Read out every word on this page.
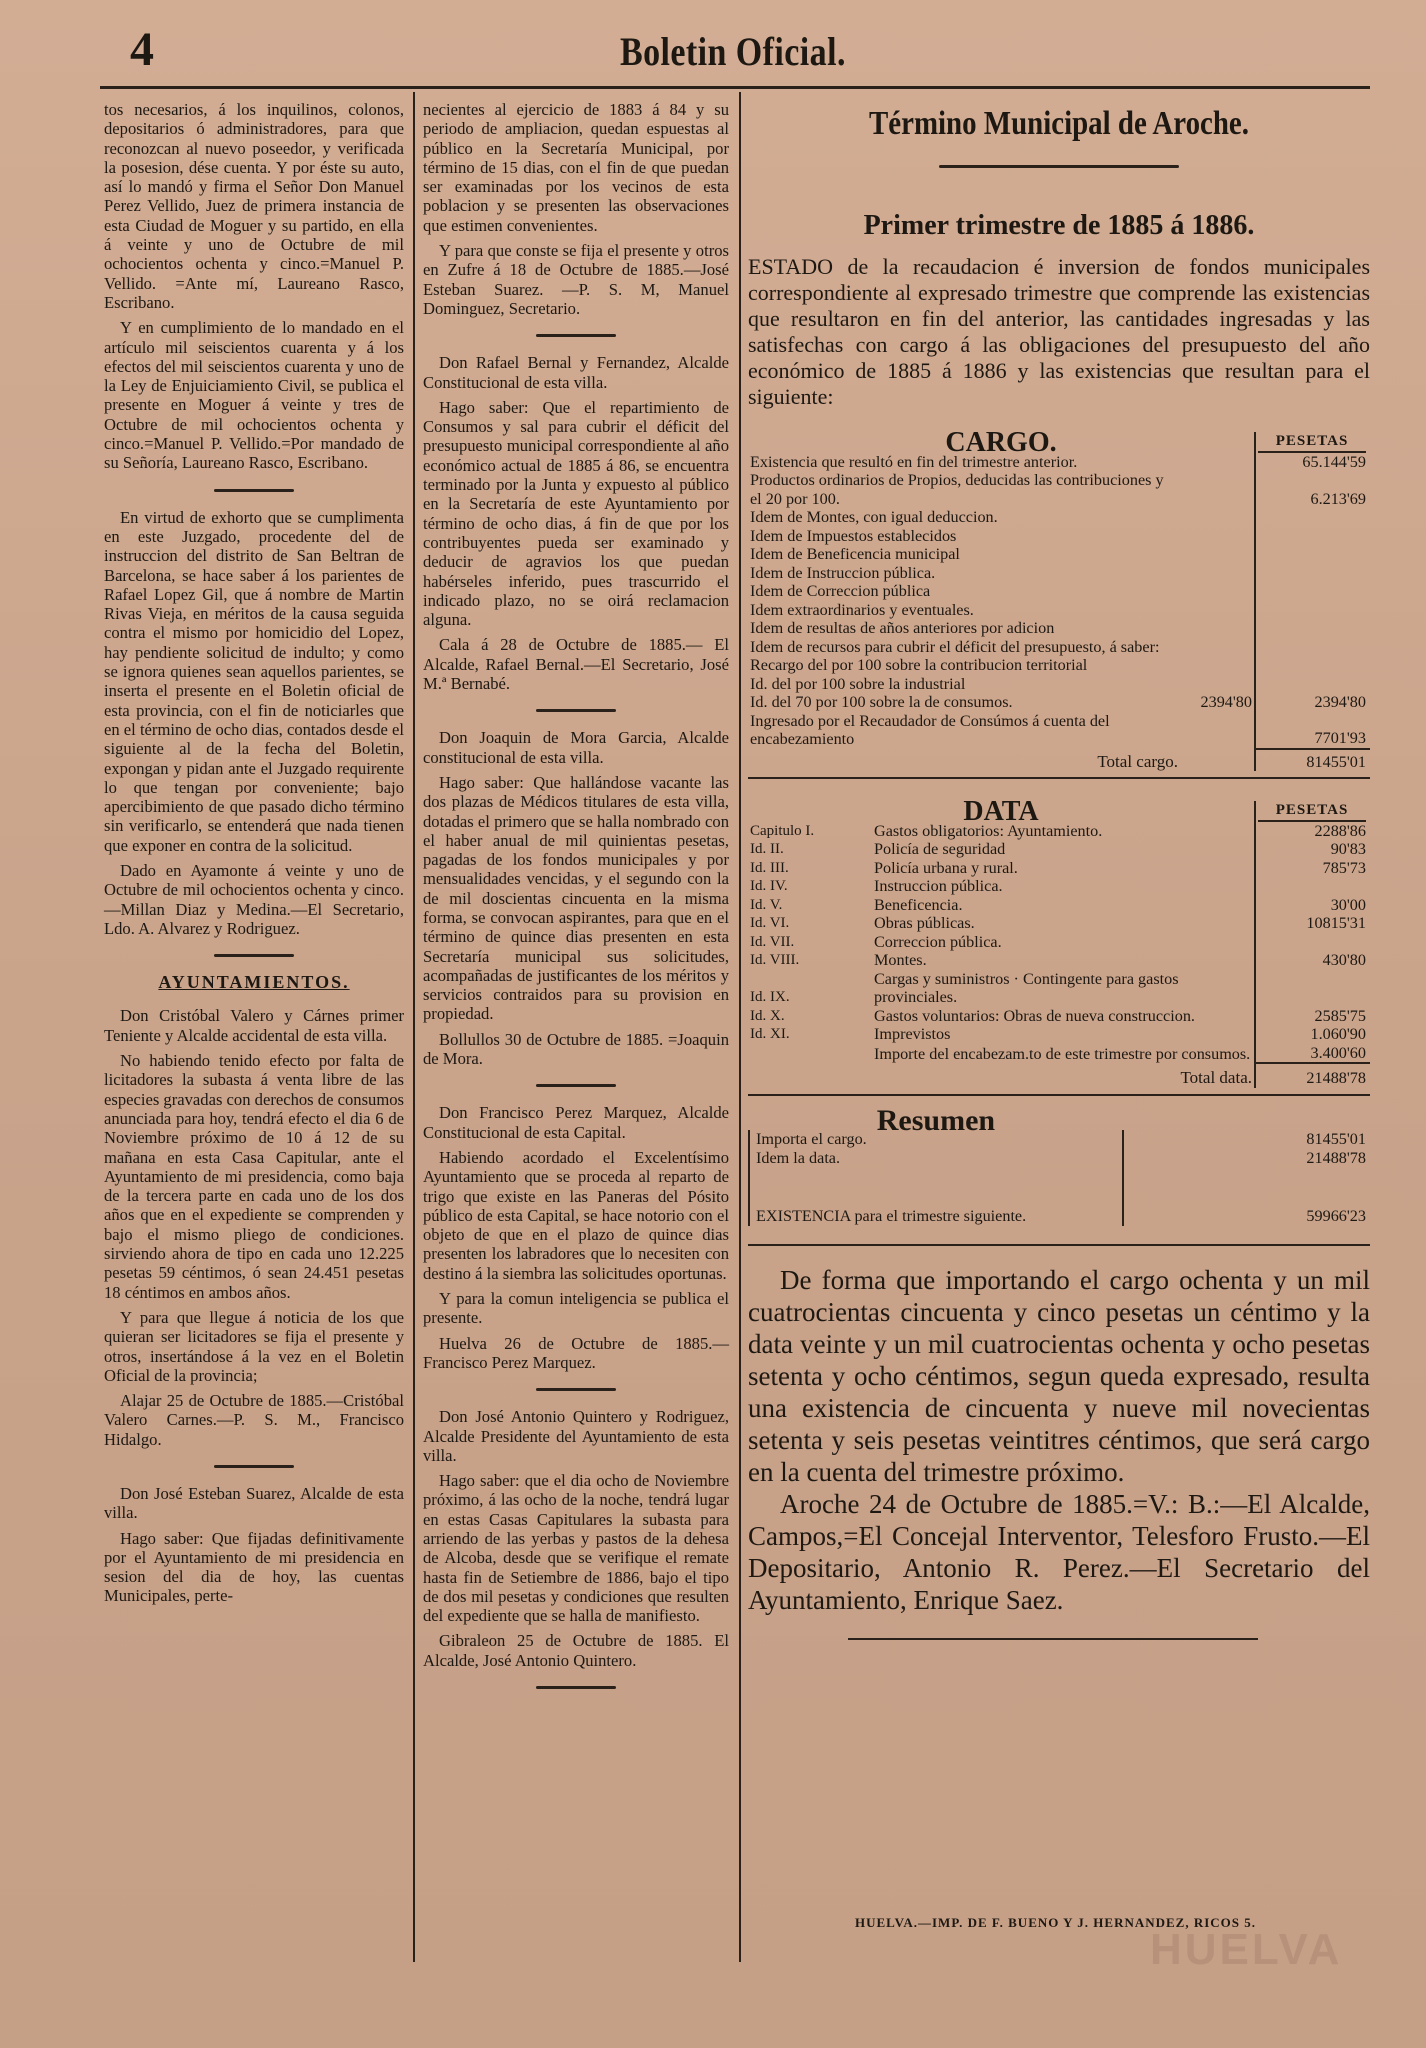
4	Boletin Oficial.

tos necesarios, á los inquilinos, colonos, depositarios ó administradores, para que reconozcan al nuevo poseedor, y verificada la posesion, dése cuenta. Y por éste su auto, así lo mandó y firma el Señor Don Manuel Perez Vellido, Juez de primera instancia de esta Ciudad de Moguer y su partido, en ella á veinte y uno de Octubre de mil ochocientos ochenta y cinco.=Manuel P. Vellido. =Ante mí, Laureano Rasco, Escribano.

Y en cumplimiento de lo mandado en el artículo mil seiscientos cuarenta y á los efectos del mil seiscientos cuarenta y uno de la Ley de Enjuiciamiento Civil, se publica el presente en Moguer á veinte y tres de Octubre de mil ochocientos ochenta y cinco.=Manuel P. Vellido.=Por mandado de su Señoría, Laureano Rasco, Escribano.

En virtud de exhorto que se cumplimenta en este Juzgado, procedente del de instruccion del distrito de San Beltran de Barcelona, se hace saber á los parientes de Rafael Lopez Gil, que á nombre de Martin Rivas Vieja, en méritos de la causa seguida contra el mismo por homicidio del Lopez, hay pendiente solicitud de indulto; y como se ignora quienes sean aquellos parientes, se inserta el presente en el Boletin oficial de esta provincia, con el fin de noticiarles que en el término de ocho dias, contados desde el siguiente al de la fecha del Boletin, expongan y pidan ante el Juzgado requirente lo que tengan por conveniente; bajo apercibimiento de que pasado dicho término sin verificarlo, se entenderá que nada tienen que exponer en contra de la solicitud.

Dado en Ayamonte á veinte y uno de Octubre de mil ochocientos ochenta y cinco.—Millan Diaz y Medina.—El Secretario, Ldo. A. Alvarez y Rodriguez.

AYUNTAMIENTOS.

Don Cristóbal Valero y Cárnes primer Teniente y Alcalde accidental de esta villa.

No habiendo tenido efecto por falta de licitadores la subasta á venta libre de las especies gravadas con derechos de consumos anunciada para hoy, tendrá efecto el dia 6 de Noviembre próximo de 10 á 12 de su mañana en esta Casa Capitular, ante el Ayuntamiento de mi presidencia, como baja de la tercera parte en cada uno de los dos años que en el expediente se comprenden y bajo el mismo pliego de condiciones. sirviendo ahora de tipo en cada uno 12.225 pesetas 59 céntimos, ó sean 24.451 pesetas 18 céntimos en ambos años.

Y para que llegue á noticia de los que quieran ser licitadores se fija el presente y otros, insertándose á la vez en el Boletin Oficial de la provincia;

Alajar 25 de Octubre de 1885.—Cristóbal Valero Carnes.—P. S. M., Francisco Hidalgo.

Don José Esteban Suarez, Alcalde de esta villa.

Hago saber: Que fijadas definitivamente por el Ayuntamiento de mi presidencia en sesion del dia de hoy, las cuentas Municipales, perte-

necientes al ejercicio de 1883 á 84 y su periodo de ampliacion, quedan espuestas al público en la Secretaría Municipal, por término de 15 dias, con el fin de que puedan ser examinadas por los vecinos de esta poblacion y se presenten las observaciones que estimen convenientes.

Y para que conste se fija el presente y otros en Zufre á 18 de Octubre de 1885.—José Esteban Suarez. —P. S. M, Manuel Dominguez, Secretario.

Don Rafael Bernal y Fernandez, Alcalde Constitucional de esta villa.

Hago saber: Que el repartimiento de Consumos y sal para cubrir el déficit del presupuesto municipal correspondiente al año económico actual de 1885 á 86, se encuentra terminado por la Junta y expuesto al público en la Secretaría de este Ayuntamiento por término de ocho dias, á fin de que por los contribuyentes pueda ser examinado y deducir de agravios los que puedan habérseles inferido, pues trascurrido el indicado plazo, no se oirá reclamacion alguna.

Cala á 28 de Octubre de 1885.— El Alcalde, Rafael Bernal.—El Secretario, José M.ª Bernabé.

Don Joaquin de Mora Garcia, Alcalde constitucional de esta villa.

Hago saber: Que hallándose vacante las dos plazas de Médicos titulares de esta villa, dotadas el primero que se halla nombrado con el haber anual de mil quinientas pesetas, pagadas de los fondos municipales y por mensualidades vencidas, y el segundo con la de mil doscientas cincuenta en la misma forma, se convocan aspirantes, para que en el término de quince dias presenten en esta Secretaría municipal sus solicitudes, acompañadas de justificantes de los méritos y servicios contraidos para su provision en propiedad.

Bollullos 30 de Octubre de 1885. =Joaquin de Mora.

Don Francisco Perez Marquez, Alcalde Constitucional de esta Capital.

Habiendo acordado el Excelentísimo Ayuntamiento que se proceda al reparto de trigo que existe en las Paneras del Pósito público de esta Capital, se hace notorio con el objeto de que en el plazo de quince dias presenten los labradores que lo necesiten con destino á la siembra las solicitudes oportunas.

Y para la comun inteligencia se publica el presente.

Huelva 26 de Octubre de 1885.— Francisco Perez Marquez.

Don José Antonio Quintero y Rodriguez, Alcalde Presidente del Ayuntamiento de esta villa.

Hago saber: que el dia ocho de Noviembre próximo, á las ocho de la noche, tendrá lugar en estas Casas Capitulares la subasta para arriendo de las yerbas y pastos de la dehesa de Alcoba, desde que se verifique el remate hasta fin de Setiembre de 1886, bajo el tipo de dos mil pesetas y condiciones que resulten del expediente que se halla de manifiesto.

Gibraleon 25 de Octubre de 1885. El Alcalde, José Antonio Quintero.

Término Municipal de Aroche.
Primer trimestre de 1885 á 1886.
ESTADO de la recaudacion é inversion de fondos municipales correspondiente al expresado trimestre que comprende las existencias que resultaron en fin del anterior, las cantidades ingresadas y las satisfechas con cargo á las obligaciones del presupuesto del año económico de 1885 á 1886 y las existencias que resultan para el siguiente:
CARGO.		PESETAS

Existencia que resultó en fin del trimestre anterior.		65.144'59
Productos ordinarios de Propios, deducidas las contribuciones y el 20 por 100.		6.213'69
Idem de Montes, con igual deduccion.		
Idem de Impuestos establecidos		
Idem de Beneficencia municipal		
Idem de Instruccion pública.		
Idem de Correccion pública		
Idem extraordinarios y eventuales.		
Idem de resultas de años anteriores por adicion		
Idem de recursos para cubrir el déficit del presupuesto, á saber:		
Recargo del por 100 sobre la contribucion territorial		
Id. del por 100 sobre la industrial		
Id. del 70 por 100 sobre la de consumos.	2394'80	2394'80
Ingresado por el Recaudador de Consúmos á cuenta del encabezamiento		7701'93
Total cargo.		81455'01
DATA		PESETAS

Capitulo I.	Gastos obligatorios: Ayuntamiento.	2288'86
Id. II.	Policía de seguridad	90'83
Id. III.	Policía urbana y rural.	785'73
Id. IV.	Instruccion pública.	
Id. V.	Beneficencia.	30'00
Id. VI.	Obras públicas.	10815'31
Id. VII.	Correccion pública.	
Id. VIII.	Montes.	430'80
Id. IX.	Cargas y suministros · Contingente para gastos provinciales.	
Id. X.	Gastos voluntarios: Obras de nueva construccion.	2585'75
Id. XI.	Imprevistos	1.060'90
	Importe del encabezam.to de este trimestre por consumos.	3.400'60
Total data.		21488'78
Resumen	
Importa el cargo.	81455'01
Idem la data.	21488'78
EXISTENCIA para el trimestre siguiente.	59966'23
De forma que importando el cargo ochenta y un mil cuatrocientas cincuenta y cinco pesetas un céntimo y la data veinte y un mil cuatrocientas ochenta y ocho pesetas setenta y ocho céntimos, segun queda expresado, resulta una existencia de cincuenta y nueve mil novecientas setenta y seis pesetas veintitres céntimos, que será cargo en la cuenta del trimestre próximo.
Aroche 24 de Octubre de 1885.=V.: B.:—El Alcalde, Campos,=El Concejal Interventor, Telesforo Frusto.—El Depositario, Antonio R. Perez.—El Secretario del Ayuntamiento, Enrique Saez.
HUELVA.—IMP. DE F. BUENO Y J. HERNANDEZ, RICOS 5.
HUELVA
